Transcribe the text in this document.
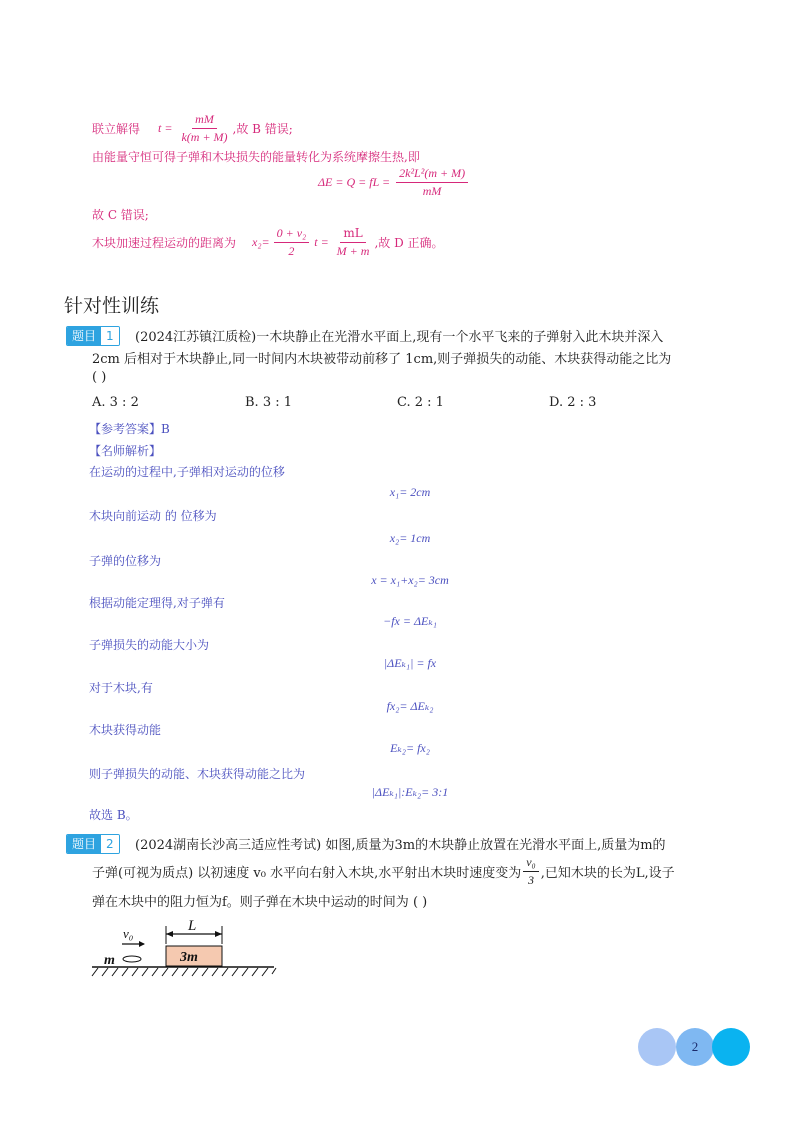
联立解得 $t = \frac{mM}{k(m + M)}$ ,故 B 错误;
由能量守恒可得子弹和木块损失的能量转化为系统摩擦生热,即
ΔE = Q = fL = $\frac{\text{2k²L²(m + M)}}{mM}$
故 C 错误;
木块加速过程运动的距离为 $x_2= \frac{\text{0 + v₂}}{2}$ $t = \frac{mL}{M + m}$ ,故 D 正确。
针对性训练
题目 1	(2024江苏镇江质检)一木块静止在光滑水平面上,现有一个水平飞来的子弹射入此木块并深入
2cm 后相对于木块静止,同一时间内木块被带动前移了 1cm,则子弹损失的动能、木块获得动能之比为
( )
A. 3 : 2	B. 3 : 1	C. 2 : 1	D. 2 : 3
【参考答案】B
【名师解析】
在运动的过程中,子弹相对运动的位移
x₁= 2cm
木块向前运动 的 位移为
x₂= 1cm
子弹的位移为
x = x₁+x₂= 3cm
根据动能定理得,对子弹有
−fx = ΔEₖ₁
子弹损失的动能大小为
|ΔEₖ₁| = fx
对于木块,有
fx₂= ΔEₖ₂
木块获得动能
Eₖ₂= fx₂
则子弹损失的动能、木块获得动能之比为
|ΔEₖ₁|:Eₖ₂= 3:1
故选 B。
题目 2	(2024湖南长沙高三适应性考试) 如图,质量为3m的木块静止放置在光滑水平面上,质量为m的
子弹(可视为质点) 以初速度 v₀ 水平向右射入木块,水平射出木块时速度变为 $\frac{\text{v₀}}{3}$ ,已知木块的长为L,设子
弹在木块中的阻力恒为f。则子弹在木块中运动的时间为 ( )
L
3m
v₀
m
2
